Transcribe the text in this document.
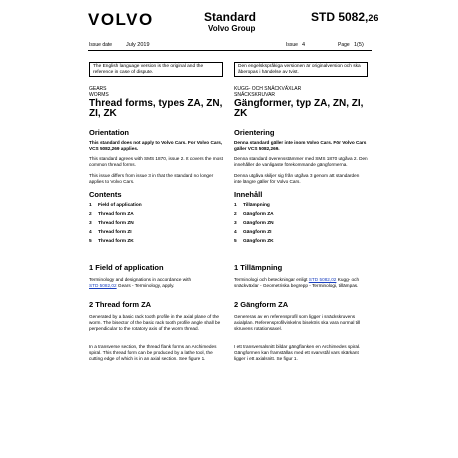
VOLVO	Standard
Volvo Group
STD 5082,26
Issue date	July 2019	Issue 4	Page 1(5)
The English language version is the original and the reference in case of dispute.
Den engelskspråkiga versionen är originalversion och ska åberopas i händelse av tvist.
GEARS
WORMS
Thread forms, types ZA, ZN, ZI, ZK
Orientation
This standard does not apply to Volvo Cars. For Volvo Cars, VCS 5082,269 applies.
This standard agrees with SMS 1870, issue 2. It covers the most common thread forms.
This issue differs from issue 3 in that the standard no longer applies to Volvo Cars.
Contents
1	Field of application
2	Thread form ZA
3	Thread form ZN
4	Thread form ZI
5	Thread form ZK
1 Field of application
Terminology and designations in accordance with
STD 5082,02 Gears - Terminology, apply.
2 Thread form ZA
Generated by a basic rack tooth profile in the axial plane of the worm. The bisector of the basic rack tooth profile angle shall be perpendicular to the rotatory axis of the worm thread.
In a transverse section, the thread flank forms an Archimedes spiral. This thread form can be produced by a lathe tool, the cutting edge of which is in an axial section. See figure 1.
KUGG- OCH SNÄCKVÄXLAR
SNÄCKSKRUVAR
Gängformer, typ ZA, ZN, ZI, ZK
Orientering
Denna standard gäller inte inom Volvo Cars. För Volvo Cars gäller VCS 5082,269.
Denna standard överensstämmer med SMS 1870 utgåva 2. Den innehåller de vanligaste förekommande gängformerna.
Denna utgåva skiljer sig från utgåva 3 genom att standarden inte längre gäller för Volvo Cars.
Innehåll
1	Tillämpning
2	Gängform ZA
3	Gängform ZN
4	Gängform ZI
5	Gängform ZK
1 Tillämpning
Terminologi och beteckningar enligt STD 5082,02 Kugg- och snäckväxlar - Geometriska begrepp - Terminologi, tillämpas.
2 Gängform ZA
Genereras av en referensprofil som ligger i snäckskruvens axialplan. Referensprofilvinkelns bisektris ska vara normal till skruvens rotationsaxel.
I ett transversalsnitt bildar gängflanken en Archimedes spiral. Gängformen kan framställas med ett svarvstål vars skärkant ligger i ett axialsnitt. Se figur 1.
